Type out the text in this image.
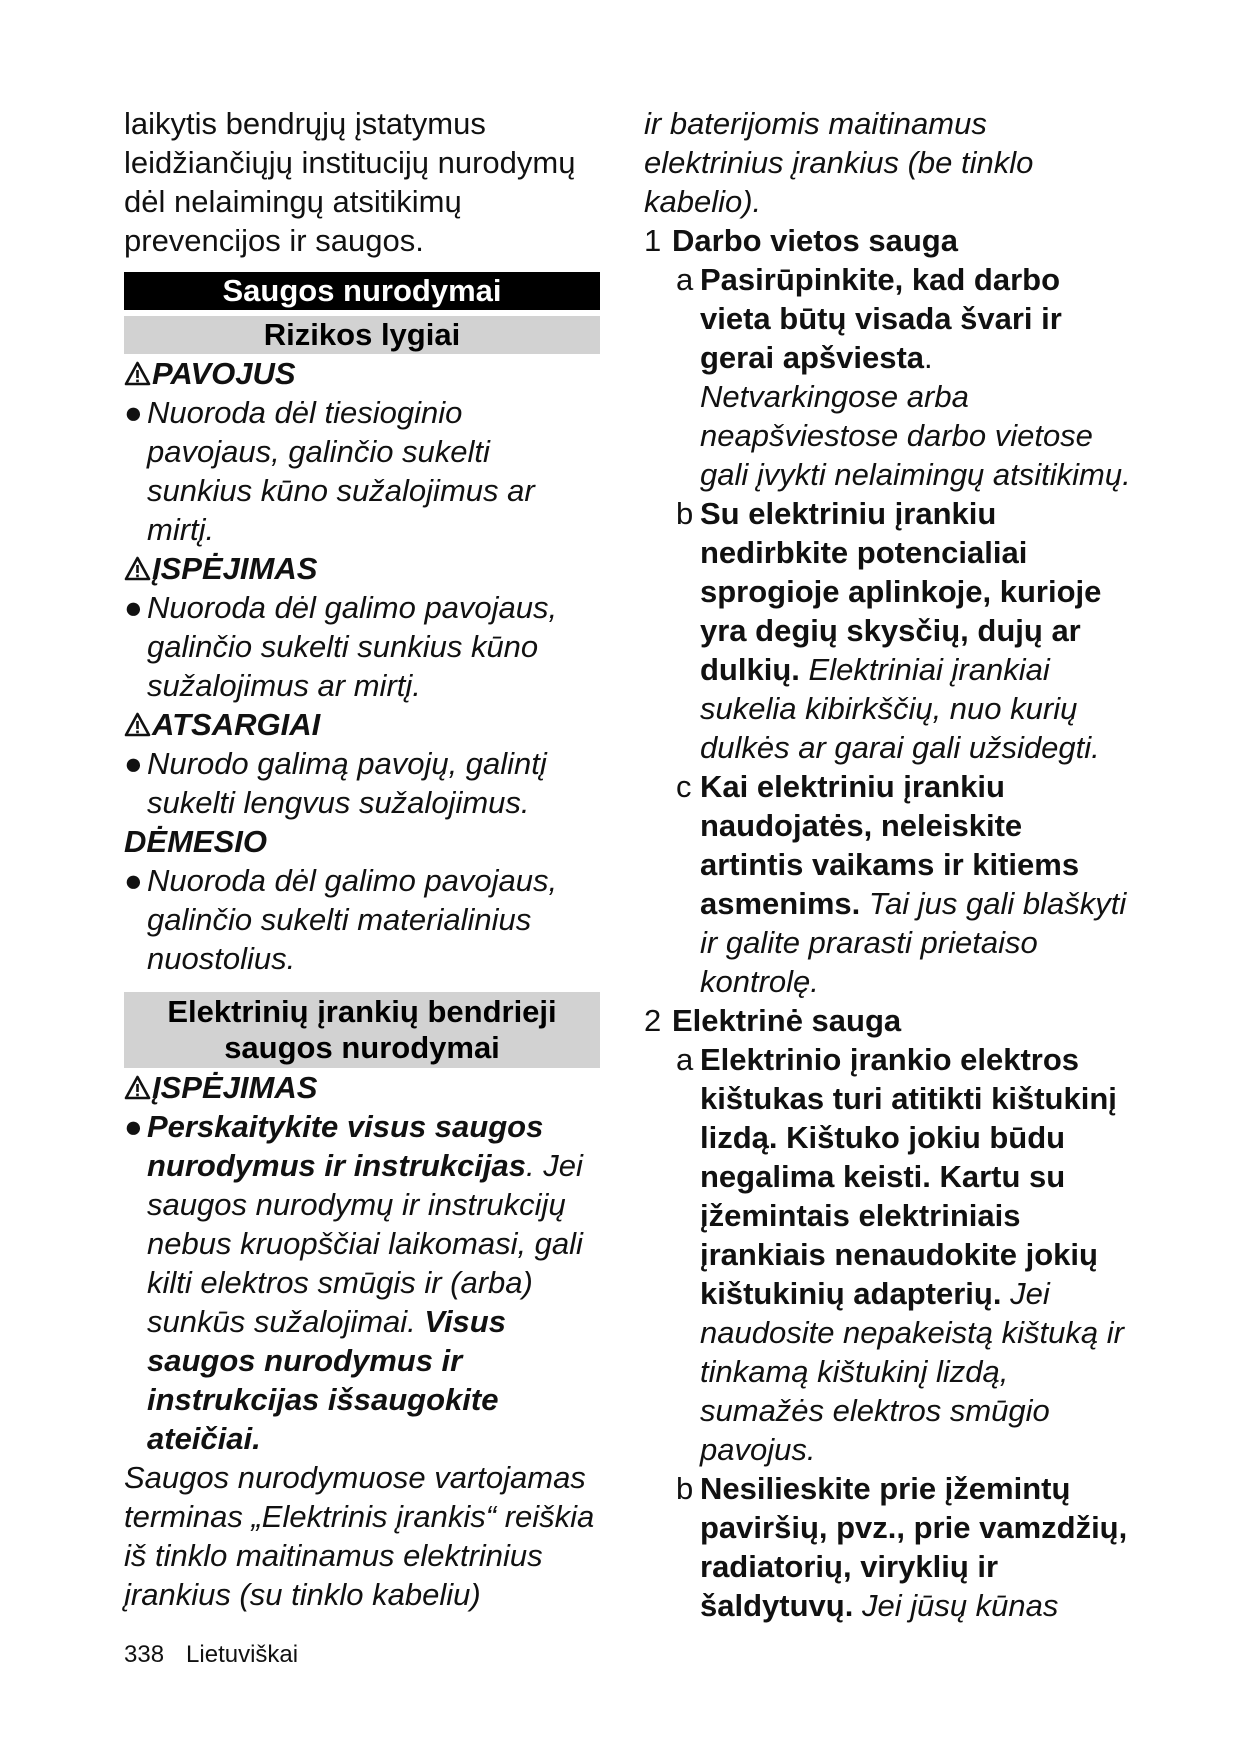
laikytis bendrųjų įstatymus leidžiančiųjų institucijų nurodymų dėl nelaimingų atsitikimų prevencijos ir saugos.

Saugos nurodymai
Rizikos lygiai
PAVOJUS
● Nuoroda dėl tiesioginio pavojaus, galinčio sukelti sunkius kūno sužalojimus ar mirtį.
ĮSPĖJIMAS
● Nuoroda dėl galimo pavojaus, galinčio sukelti sunkius kūno sužalojimus ar mirtį.
ATSARGIAI
● Nurodo galimą pavojų, galintį sukelti lengvus sužalojimus.
DĖMESIO
● Nuoroda dėl galimo pavojaus, galinčio sukelti materialinius nuostolius.
Elektrinių įrankių bendrieji saugos nurodymai
ĮSPĖJIMAS
● Perskaitykite visus saugos nurodymus ir instrukcijas. Jei saugos nurodymų ir instrukcijų nebus kruopščiai laikomasi, gali kilti elektros smūgis ir (arba) sunkūs sužalojimai. Visus saugos nurodymus ir instrukcijas išsaugokite ateičiai.

Saugos nurodymuose vartojamas terminas „Elektrinis įrankis“ reiškia iš tinklo maitinamus elektrinius įrankius (su tinklo kabeliu)

ir baterijomis maitinamus elektrinius įrankius (be tinklo kabelio).

1 Darbo vietos sauga
a Pasirūpinkite, kad darbo vieta būtų visada švari ir gerai apšviesta. Netvarkingose arba neapšviestose darbo vietose gali įvykti nelaimingų atsitikimų.
b Su elektriniu įrankiu nedirbkite potencialiai sprogioje aplinkoje, kurioje yra degių skysčių, dujų ar dulkių. Elektriniai įrankiai sukelia kibirkščių, nuo kurių dulkės ar garai gali užsidegti.
c Kai elektriniu įrankiu naudojatės, neleiskite artintis vaikams ir kitiems asmenims. Tai jus gali blaškyti ir galite prarasti prietaiso kontrolę.
2 Elektrinė sauga
a Elektrinio įrankio elektros kištukas turi atitikti kištukinį lizdą. Kištuko jokiu būdu negalima keisti. Kartu su įžemintais elektriniais įrankiais nenaudokite jokių kištukinių adapterių. Jei naudosite nepakeistą kištuką ir tinkamą kištukinį lizdą, sumažės elektros smūgio pavojus.
b Nesilieskite prie įžemintų paviršių, pvz., prie vamzdžių, radiatorių, viryklių ir šaldytuvų. Jei jūsų kūnas
338 Lietuviškai
